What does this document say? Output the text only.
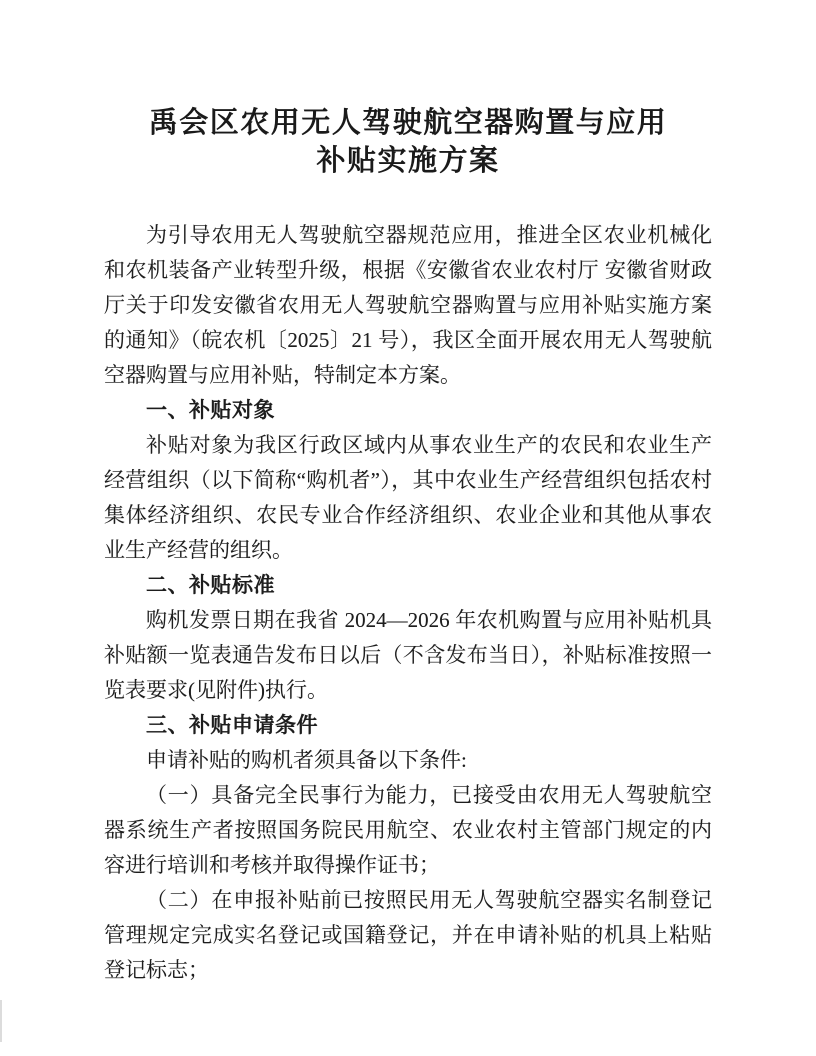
禹会区农用无人驾驶航空器购置与应用
补贴实施方案

为引导农用无人驾驶航空器规范应用，推进全区农业机械化和农机装备产业转型升级，根据《安徽省农业农村厅 安徽省财政厅关于印发安徽省农用无人驾驶航空器购置与应用补贴实施方案的通知》（皖农机〔2025〕21 号），我区全面开展农用无人驾驶航空器购置与应用补贴，特制定本方案。

一、补贴对象

补贴对象为我区行政区域内从事农业生产的农民和农业生产经营组织（以下简称“购机者”），其中农业生产经营组织包括农村集体经济组织、农民专业合作经济组织、农业企业和其他从事农业生产经营的组织。

二、补贴标准

购机发票日期在我省 2024—2026 年农机购置与应用补贴机具补贴额一览表通告发布日以后（不含发布当日），补贴标准按照一览表要求(见附件)执行。

三、补贴申请条件

申请补贴的购机者须具备以下条件:

（一）具备完全民事行为能力，已接受由农用无人驾驶航空器系统生产者按照国务院民用航空、农业农村主管部门规定的内容进行培训和考核并取得操作证书；

（二）在申报补贴前已按照民用无人驾驶航空器实名制登记管理规定完成实名登记或国籍登记，并在申请补贴的机具上粘贴登记标志；
